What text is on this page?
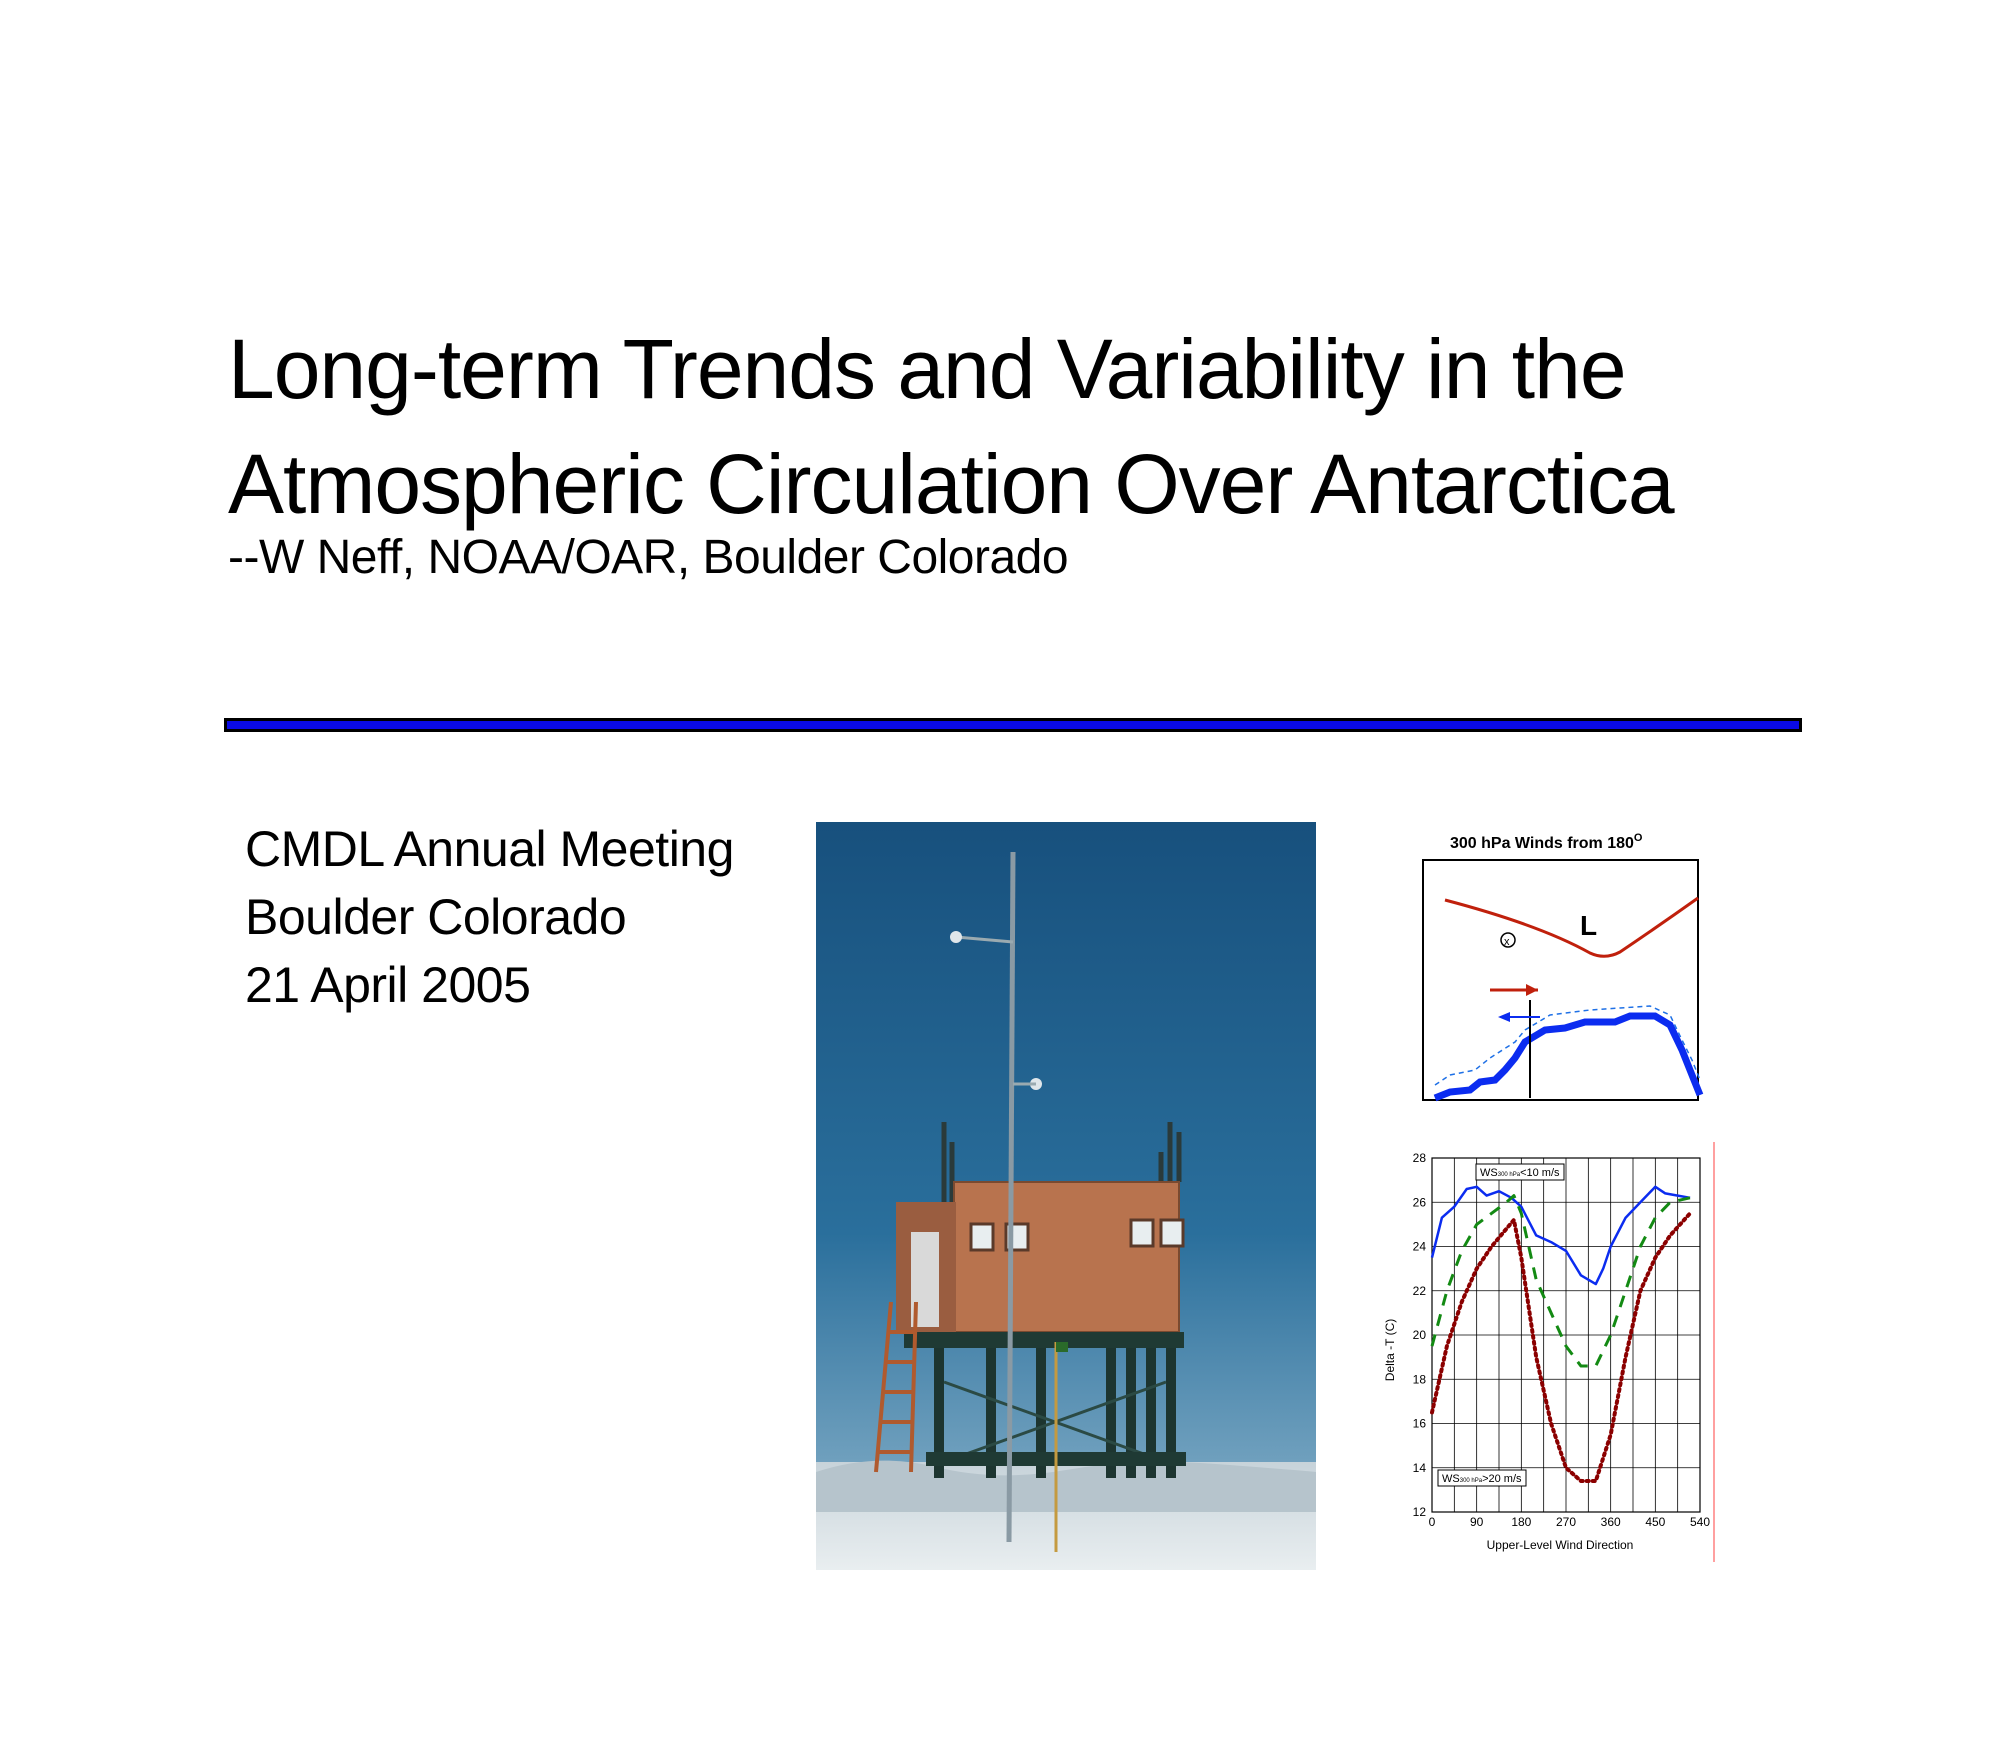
Long-term Trends and Variability in the
Atmospheric Circulation Over Antarctica
--W Neff, NOAA/OAR, Boulder Colorado
CMDL Annual Meeting
Boulder Colorado
21 April 2005
300 hPa Winds from $180^O$
L
x
12
14
16
18
20
22
24
26
28
0	90 180 270 360 450 540
WS300 hPa<10 m/s
WS300 hPa>20 m/s
Upper-Level Wind Direction
Delta -T (C)
